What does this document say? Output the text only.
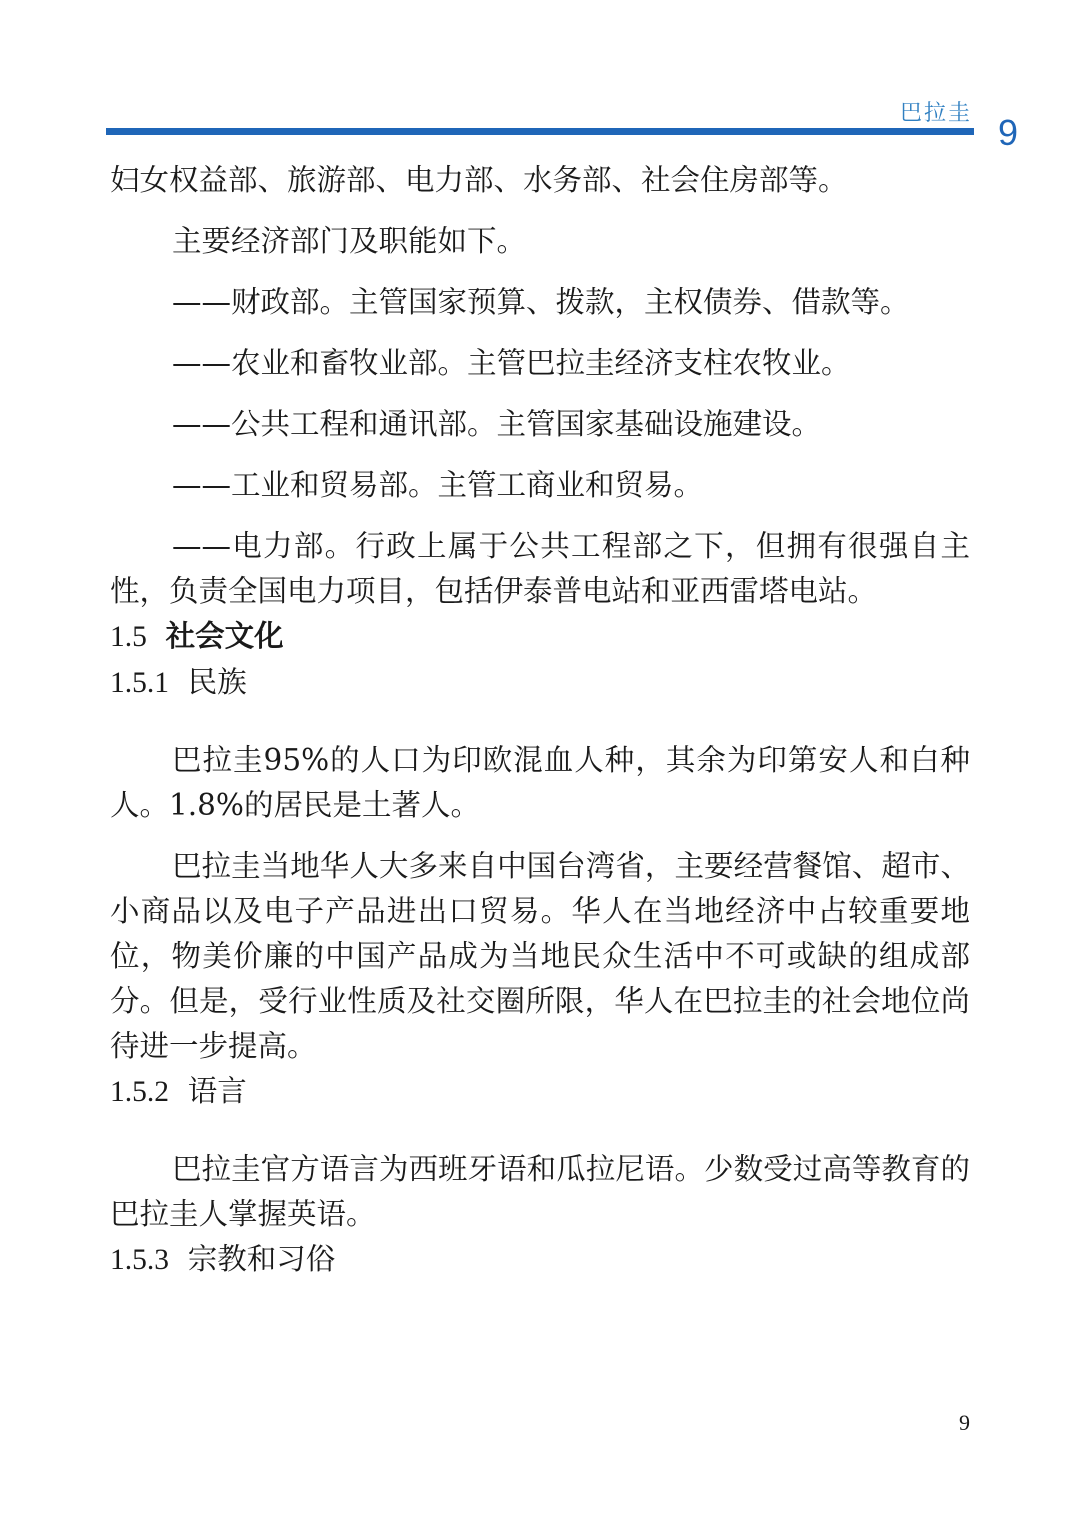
巴拉圭 9

妇女权益部、旅游部、电力部、水务部、社会住房部等。

主要经济部门及职能如下。

——财政部。主管国家预算、拨款，主权债券、借款等。

——农业和畜牧业部。主管巴拉圭经济支柱农牧业。

——公共工程和通讯部。主管国家基础设施建设。

——工业和贸易部。主管工商业和贸易。

——电力部。行政上属于公共工程部之下，但拥有很强自主性，负责全国电力项目，包括伊泰普电站和亚西雷塔电站。

1.5 社会文化
1.5.1 民族

巴拉圭95%的人口为印欧混血人种，其余为印第安人和白种人。1.8%的居民是土著人。

巴拉圭当地华人大多来自中国台湾省，主要经营餐馆、超市、小商品以及电子产品进出口贸易。华人在当地经济中占较重要地位，物美价廉的中国产品成为当地民众生活中不可或缺的组成部分。但是，受行业性质及社交圈所限，华人在巴拉圭的社会地位尚待进一步提高。

1.5.2 语言

巴拉圭官方语言为西班牙语和瓜拉尼语。少数受过高等教育的巴拉圭人掌握英语。

1.5.3 宗教和习俗
9
